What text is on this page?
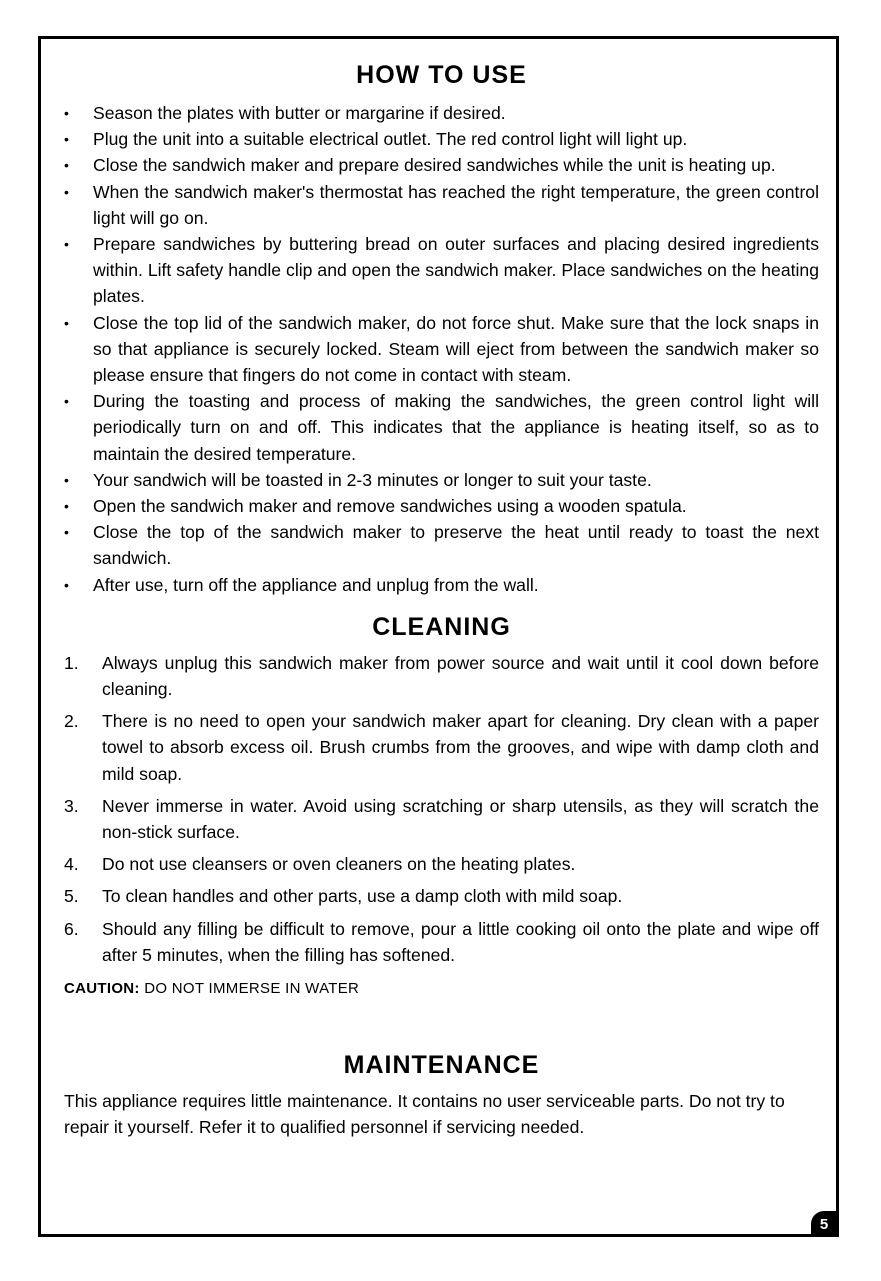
HOW TO USE
• Season the plates with butter or margarine if desired.
• Plug the unit into a suitable electrical outlet. The red control light will light up.
• Close the sandwich maker and prepare desired sandwiches while the unit is heating up.
• When the sandwich maker's thermostat has reached the right temperature, the green control light will go on.
• Prepare sandwiches by buttering bread on outer surfaces and placing desired ingredients within. Lift safety handle clip and open the sandwich maker. Place sandwiches on the heating plates.
• Close the top lid of the sandwich maker, do not force shut. Make sure that the lock snaps in so that appliance is securely locked. Steam will eject from between the sandwich maker so please ensure that fingers do not come in contact with steam.
• During the toasting and process of making the sandwiches, the green control light will periodically turn on and off. This indicates that the appliance is heating itself, so as to maintain the desired temperature.
• Your sandwich will be toasted in 2-3 minutes or longer to suit your taste.
• Open the sandwich maker and remove sandwiches using a wooden spatula.
• Close the top of the sandwich maker to preserve the heat until ready to toast the next sandwich.
• After use, turn off the appliance and unplug from the wall.
CLEANING
1. Always unplug this sandwich maker from power source and wait until it cool down before cleaning.
2. There is no need to open your sandwich maker apart for cleaning. Dry clean with a paper towel to absorb excess oil. Brush crumbs from the grooves, and wipe with damp cloth and mild soap.
3. Never immerse in water. Avoid using scratching or sharp utensils, as they will scratch the non-stick surface.
4. Do not use cleansers or oven cleaners on the heating plates.
5. To clean handles and other parts, use a damp cloth with mild soap.
6. Should any filling be difficult to remove, pour a little cooking oil onto the plate and wipe off after 5 minutes, when the filling has softened.
CAUTION: DO NOT IMMERSE IN WATER
MAINTENANCE
This appliance requires little maintenance. It contains no user serviceable parts. Do not try to repair it yourself. Refer it to qualified personnel if servicing needed.
5
